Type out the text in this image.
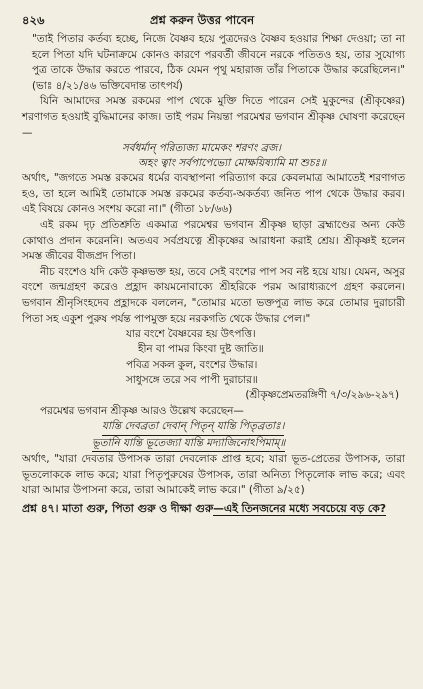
৪২৬	প্রশ্ন করুন উত্তর পাবেন

"তাই পিতার কর্তব্য হচ্ছে, নিজে বৈষ্ণব হয়ে পুত্রদেরও বৈষ্ণব হওয়ার শিক্ষা দেওয়া; তা না হলে পিতা যদি ঘটনাক্রমে কোনও কারণে পরবর্তী জীবনে নরকে পতিতও হয়, তার সুযোগ্য পুত্র তাকে উদ্ধার করতে পারবে, ঠিক যেমন পৃথু মহারাজ তাঁর পিতাকে উদ্ধার করেছিলেন।" (ভাঃ ৪/২১/৪৬ ভক্তিবেদান্ত তাৎপর্য)

যিনি আমাদের সমস্ত রকমের পাপ থেকে মুক্তি দিতে পারেন সেই মুকুন্দের (শ্রীকৃষ্ণের) শরণাগত হওয়াই বুদ্ধিমানের কাজ। তাই পরম নিয়ন্তা পরমেশ্বর ভগবান শ্রীকৃষ্ণ ঘোষণা করেছেন—

সর্বধর্মান্ পরিত্যজ্য মামেকং শরণং ব্রজ।

অহং ত্বাং সর্বপাপেভ্যো মোক্ষয়িষ্যামি মা শুচঃ॥

অর্থাৎ, "জগতে সমস্ত রকমের ধর্মের ব্যবস্থাপনা পরিত্যাগ করে কেবলমাত্র আমাতেই শরণাগত হও, তা হলে আমিই তোমাকে সমস্ত রকমের কর্তব্য-অকর্তব্য জনিত পাপ থেকে উদ্ধার করব। এই বিষয়ে কোনও সংশয় করো না।" (গীতা ১৮/৬৬)

এই রকম দৃঢ় প্রতিশ্রুতি একমাত্র পরমেশ্বর ভগবান শ্রীকৃষ্ণ ছাড়া ব্রহ্মাণ্ডের অন্য কেউ কোথাও প্রদান করেননি। অতএব সর্বপ্রযত্নে শ্রীকৃষ্ণের আরাধনা করাই শ্রেয়। শ্রীকৃষ্ণই হলেন সমস্ত জীবের বীজপ্রদ পিতা।

নীচ বংশেও যদি কেউ কৃষ্ণভক্ত হয়, তবে সেই বংশের পাপ সব নষ্ট হয়ে যায়। যেমন, অসুর বংশে জন্মগ্রহণ করেও প্রহ্লাদ কায়মনোবাক্যে শ্রীহরিকে পরম আরাধ্যরূপে গ্রহণ করলেন। ভগবান শ্রীনৃসিংহদেব প্রহ্লাদকে বললেন, "তোমার মতো ভক্তপুত্র লাভ করে তোমার দুরাচারী পিতা সহ একুশ পুরুষ পর্যন্ত পাপমুক্ত হয়ে নরকগতি থেকে উদ্ধার পেল।"

যার বংশে বৈষ্ণবের হয় উৎপত্তি।

হীন বা পামর কিংবা দুষ্ট জাতি॥

পবিত্র সকল কুল, বংশের উদ্ধার।

সাধুসঙ্গে তরে সব পাপী দুরাচার॥

(শ্রীকৃষ্ণপ্রেমতরঙ্গিণী ৭/৩/২৯৬-২৯৭)

পরমেশ্বর ভগবান শ্রীকৃষ্ণ আরও উল্লেখ করেছেন—

যান্তি দেবব্রতা দেবান্ পিতৃন্ যান্তি পিতৃব্রতাঃ।

ভূতানি যান্তি ভূতেজ্যা যান্তি মদ্যাজিনোঽপিমাম্॥

অর্থাৎ, "যারা দেবতার উপাসক তারা দেবলোক প্রাপ্ত হবে; যারা ভূত-প্রেতের উপাসক, তারা ভূতলোককে লাভ করে; যারা পিতৃপুরুষের উপাসক, তারা অনিত্য পিতৃলোক লাভ করে; এবং যারা আমার উপাসনা করে, তারা আমাকেই লাভ করে।" (গীতা ৯/২৫)

প্রশ্ন ৪৭। মাতা গুরু, পিতা গুরু ও দীক্ষা গুরু—এই তিনজনের মধ্যে সবচেয়ে বড় কে?
